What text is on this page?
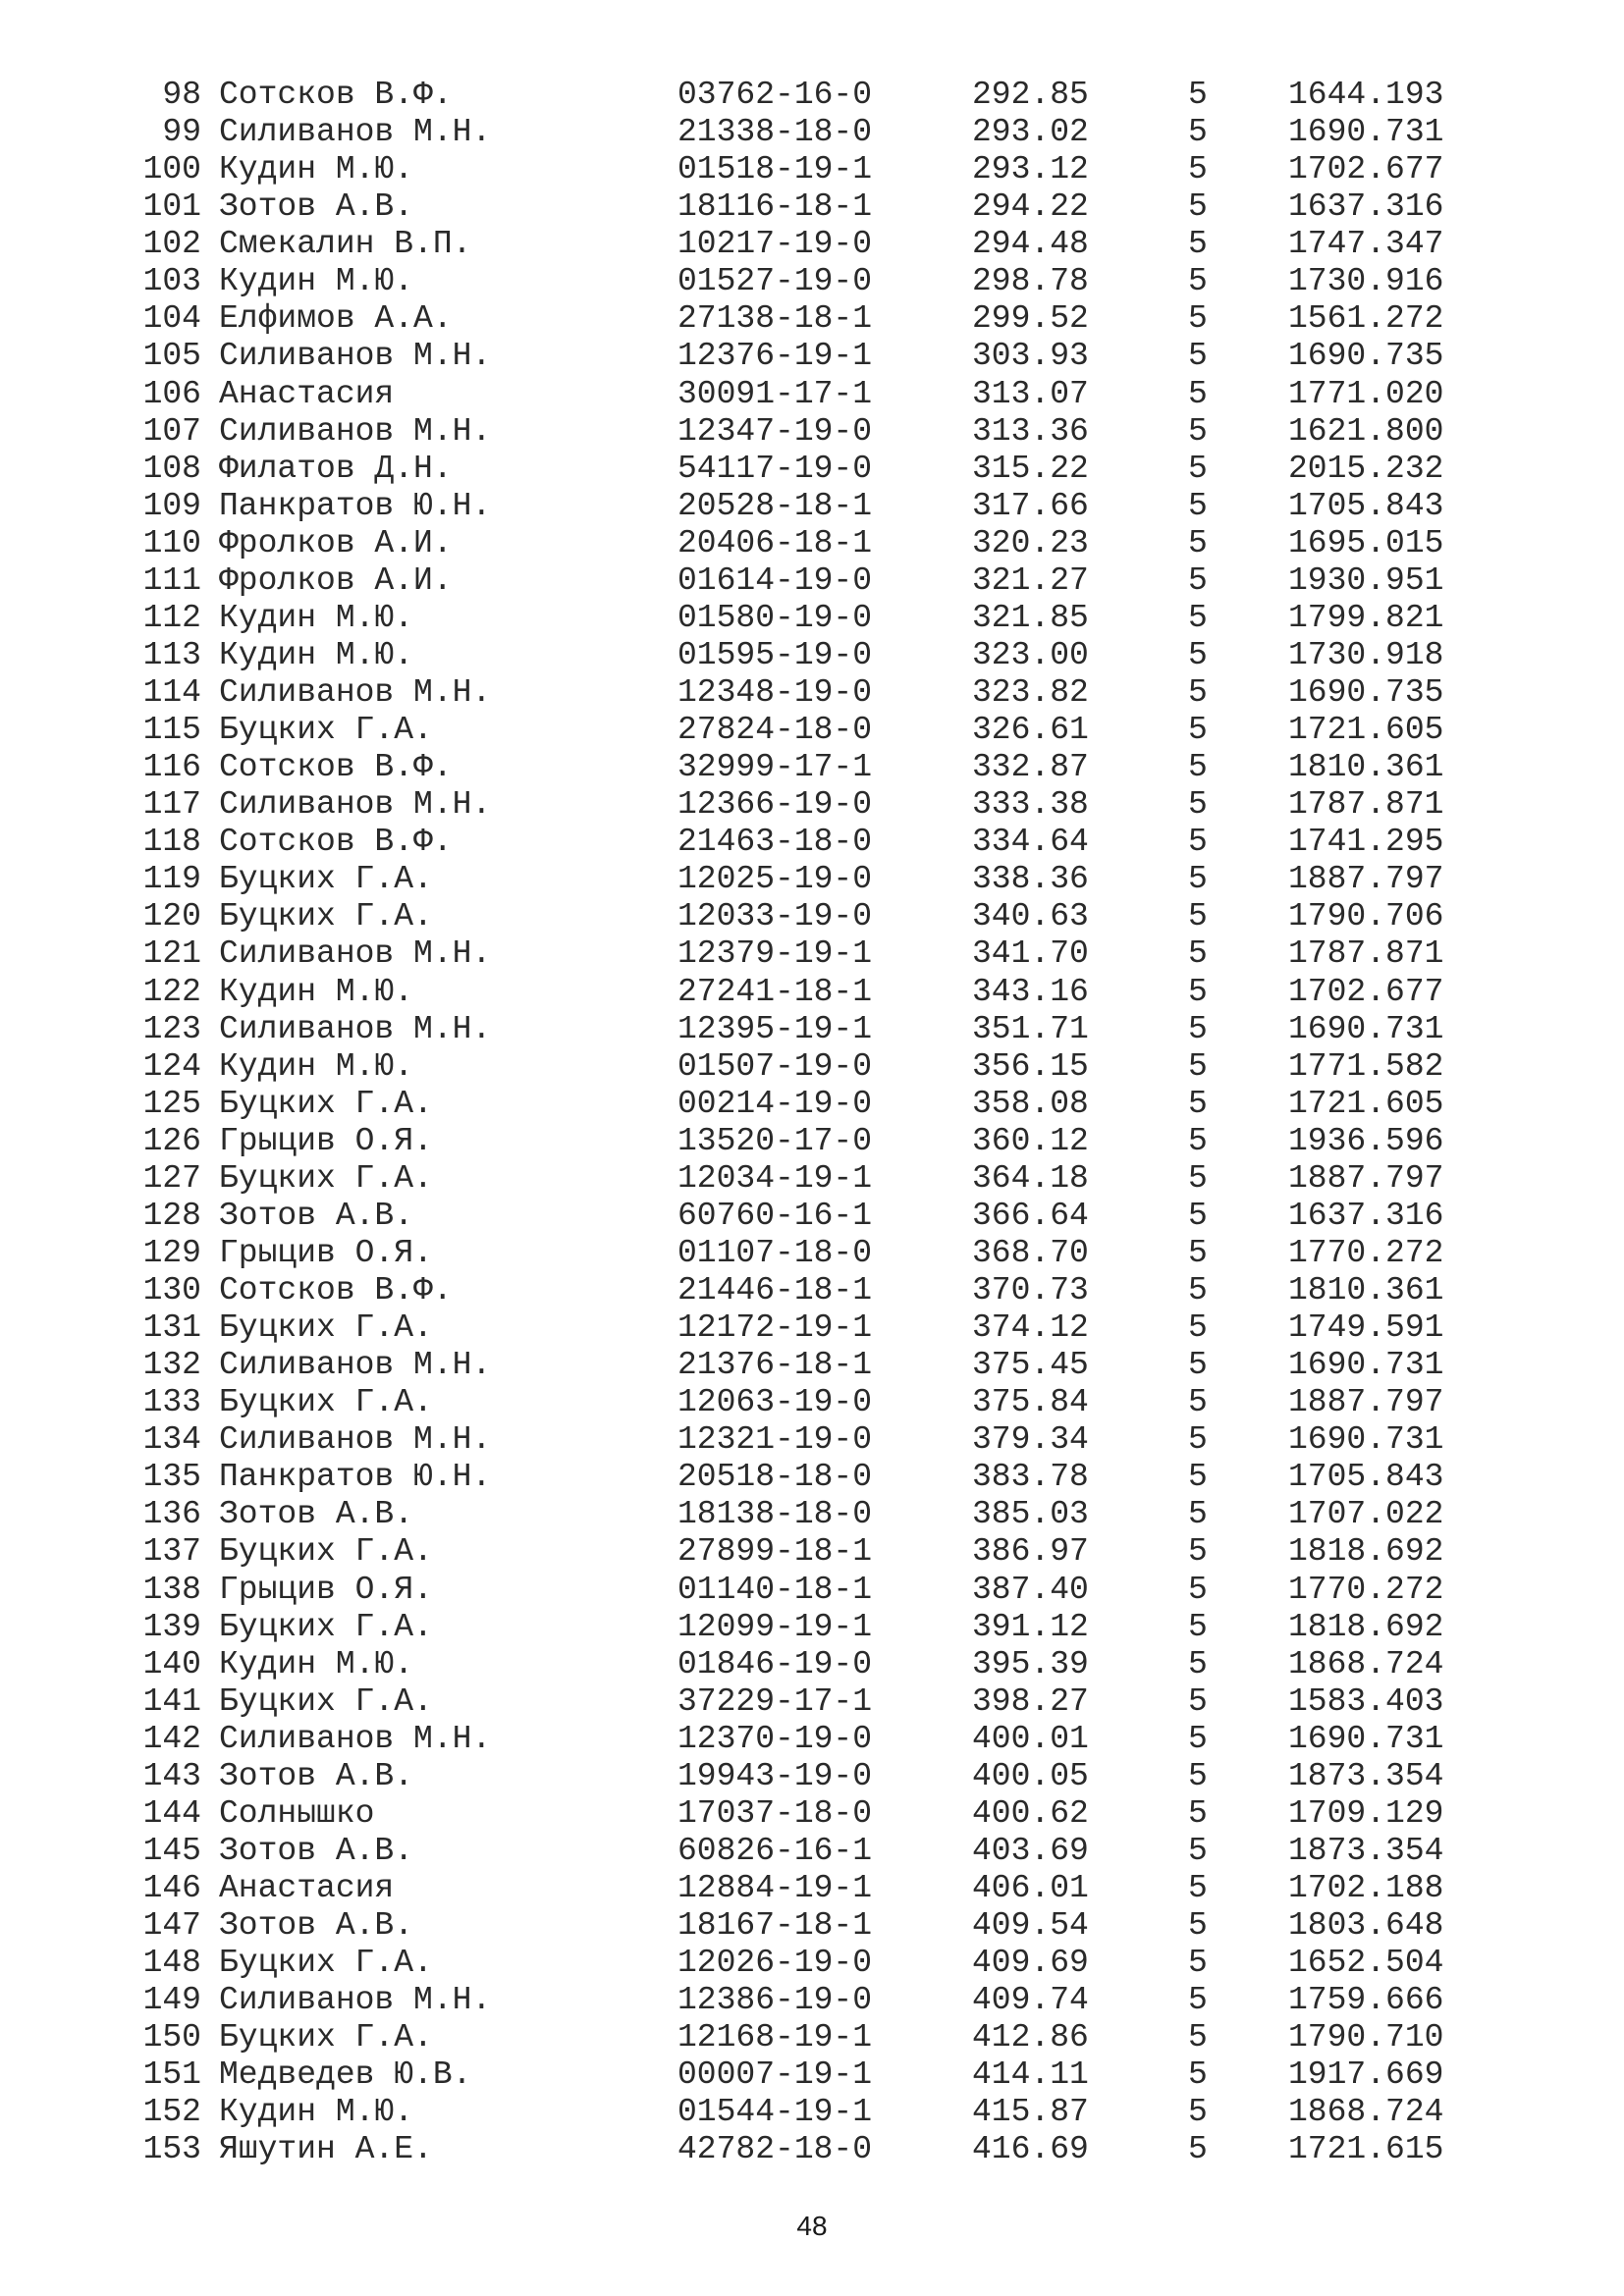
98 Сотсков В.Ф.	03762-16-0	292.85	5 1644.193
99 Силиванов М.Н.	21338-18-0	293.02	5 1690.731
100 Кудин М.Ю.	01518-19-1	293.12	5 1702.677
101 Зотов А.В.	18116-18-1	294.22	5 1637.316
102 Смекалин В.П.	10217-19-0	294.48	5 1747.347
103 Кудин М.Ю.	01527-19-0	298.78	5 1730.916
104 Елфимов А.А.	27138-18-1	299.52	5 1561.272
105 Силиванов М.Н.	12376-19-1	303.93	5 1690.735
106 Анастасия	30091-17-1	313.07	5 1771.020
107 Силиванов М.Н.	12347-19-0	313.36	5 1621.800
108 Филатов Д.Н.	54117-19-0	315.22	5 2015.232
109 Панкратов Ю.Н.	20528-18-1	317.66	5 1705.843
110 Фролков А.И.	20406-18-1	320.23	5 1695.015
111 Фролков А.И.	01614-19-0	321.27	5 1930.951
112 Кудин М.Ю.	01580-19-0	321.85	5 1799.821
113 Кудин М.Ю.	01595-19-0	323.00	5 1730.918
114 Силиванов М.Н.	12348-19-0	323.82	5 1690.735
115 Буцких Г.А.	27824-18-0	326.61	5 1721.605
116 Сотсков В.Ф.	32999-17-1	332.87	5 1810.361
117 Силиванов М.Н.	12366-19-0	333.38	5 1787.871
118 Сотсков В.Ф.	21463-18-0	334.64	5 1741.295
119 Буцких Г.А.	12025-19-0	338.36	5 1887.797
120 Буцких Г.А.	12033-19-0	340.63	5 1790.706
121 Силиванов М.Н.	12379-19-1	341.70	5 1787.871
122 Кудин М.Ю.	27241-18-1	343.16	5 1702.677
123 Силиванов М.Н.	12395-19-1	351.71	5 1690.731
124 Кудин М.Ю.	01507-19-0	356.15	5 1771.582
125 Буцких Г.А.	00214-19-0	358.08	5 1721.605
126 Грыцив О.Я.	13520-17-0	360.12	5 1936.596
127 Буцких Г.А.	12034-19-1	364.18	5 1887.797
128 Зотов А.В.	60760-16-1	366.64	5 1637.316
129 Грыцив О.Я.	01107-18-0	368.70	5 1770.272
130 Сотсков В.Ф.	21446-18-1	370.73	5 1810.361
131 Буцких Г.А.	12172-19-1	374.12	5 1749.591
132 Силиванов М.Н.	21376-18-1	375.45	5 1690.731
133 Буцких Г.А.	12063-19-0	375.84	5 1887.797
134 Силиванов М.Н.	12321-19-0	379.34	5 1690.731
135 Панкратов Ю.Н.	20518-18-0	383.78	5 1705.843
136 Зотов А.В.	18138-18-0	385.03	5 1707.022
137 Буцких Г.А.	27899-18-1	386.97	5 1818.692
138 Грыцив О.Я.	01140-18-1	387.40	5 1770.272
139 Буцких Г.А.	12099-19-1	391.12	5 1818.692
140 Кудин М.Ю.	01846-19-0	395.39	5 1868.724
141 Буцких Г.А.	37229-17-1	398.27	5 1583.403
142 Силиванов М.Н.	12370-19-0	400.01	5 1690.731
143 Зотов А.В.	19943-19-0	400.05	5 1873.354
144 Солнышко	17037-18-0	400.62	5 1709.129
145 Зотов А.В.	60826-16-1	403.69	5 1873.354
146 Анастасия	12884-19-1	406.01	5 1702.188
147 Зотов А.В.	18167-18-1	409.54	5 1803.648
148 Буцких Г.А.	12026-19-0	409.69	5 1652.504
149 Силиванов М.Н.	12386-19-0	409.74	5 1759.666
150 Буцких Г.А.	12168-19-1	412.86	5 1790.710
151 Медведев Ю.В.	00007-19-1	414.11	5 1917.669
152 Кудин М.Ю.	01544-19-1	415.87	5 1868.724
153 Яшутин А.Е.	42782-18-0	416.69	5 1721.615
48
